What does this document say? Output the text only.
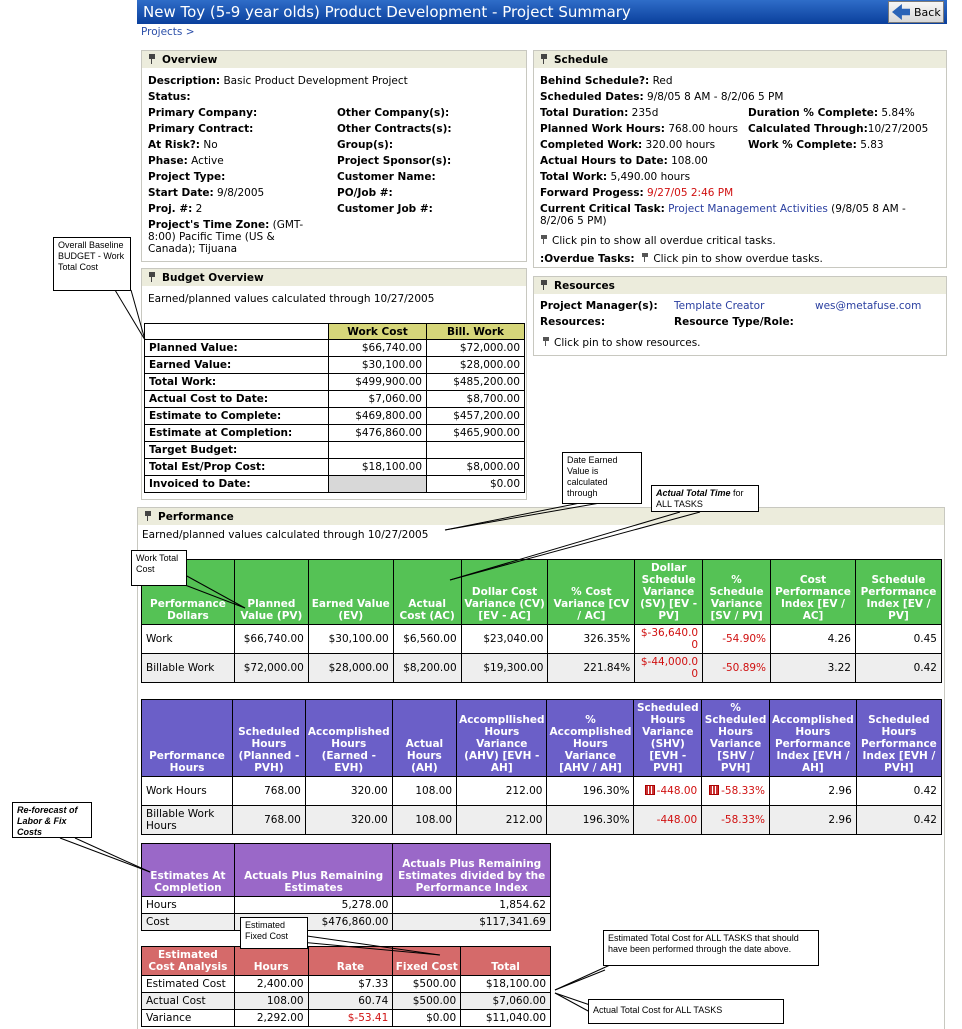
New Toy (5-9 year olds) Product Development - Project Summary	Back
Projects >
Overview
Description: Basic Product Development Project
Status:
Primary Company:	Other Company(s):
Primary Contract:	Other Contracts(s):
At Risk?: No	Group(s):
Phase: Active	Project Sponsor(s):
Project Type:	Customer Name:
Start Date: 9/8/2005	PO/Job #:
Proj. #: 2	Customer Job #:
Project's Time Zone: (GMT-
8:00) Pacific Time (US &
Canada); Tijuana
Schedule
Behind Schedule?: Red
Scheduled Dates: 9/8/05 8 AM - 8/2/06 5 PM
Total Duration: 235d	Duration % Complete: 5.84%
Planned Work Hours: 768.00 hours Calculated Through:10/27/2005
Completed Work: 320.00 hours	Work % Complete: 5.83
Actual Hours to Date: 108.00
Total Work: 5,490.00 hours
Forward Progess: 9/27/05 2:46 PM
Current Critical Task: Project Management Activities (9/8/05 8 AM -
8/2/06 5 PM)
Click pin to show all overdue critical tasks.
:Overdue Tasks: Click pin to show overdue tasks.
Resources
Project Manager(s): Template Creator	wes@metafuse.com
Resources:	Resource Type/Role:
Click pin to show resources.
Budget Overview
Earned/planned values calculated through 10/27/2005
	Work Cost	Bill. Work
Planned Value:	$66,740.00	$72,000.00
Earned Value:	$30,100.00	$28,000.00
Total Work:	$499,900.00	$485,200.00
Actual Cost to Date:	$7,060.00	$8,700.00
Estimate to Complete:	$469,800.00	$457,200.00
Estimate at Completion:	$476,860.00	$465,900.00
Target Budget:		
Total Est/Prop Cost:	$18,100.00	$8,000.00
Invoiced to Date:		$0.00
Performance
Earned/planned values calculated through 10/27/2005
Performance Dollars	Planned Value (PV)	Earned Value (EV)	Actual Cost (AC)	Dollar Cost Variance (CV) [EV - AC]	% Cost Variance [CV / AC]	Dollar Schedule Variance (SV) [EV - PV]	% Schedule Variance [SV / PV]	Cost Performance Index [EV / AC]	Schedule Performance Index [EV / PV]
Work	$66,740.00	$30,100.00	$6,560.00	$23,040.00	326.35%	$-36,640.00	-54.90%	4.26	0.45
Billable Work	$72,000.00	$28,000.00	$8,200.00	$19,300.00	221.84%	$-44,000.00	-50.89%	3.22	0.42
Performance Hours	Scheduled Hours (Planned - PVH)	Accomplished Hours (Earned - EVH)	Actual Hours (AH)	Accompllished Hours Variance (AHV) [EVH - AH]	% Accomplished Hours Variance [AHV / AH]	Scheduled Hours Variance (SHV) [EVH - PVH]	% Scheduled Hours Variance [SHV / PVH]	Accomplished Hours Performance Index [EVH / AH]	Scheduled Hours Performance Index [EVH / PVH]
Work Hours	768.00	320.00	108.00	212.00	196.30%	-448.00	-58.33%	2.96	0.42
Billable Work Hours	768.00	320.00	108.00	212.00	196.30%	-448.00	-58.33%	2.96	0.42
Estimates At Completion	Actuals Plus Remaining Estimates	Actuals Plus Remaining Estimates divided by the Performance Index
Hours	5,278.00	1,854.62
Cost	$476,860.00	$117,341.69
Estimated Cost Analysis	Hours	Rate	Fixed Cost	Total
Estimated Cost	2,400.00	$7.33	$500.00	$18,100.00
Actual Cost	108.00	60.74	$500.00	$7,060.00
Variance	2,292.00	$-53.41	$0.00	$11,040.00
Overall Baseline BUDGET - Work Total Cost
Date Earned Value is calculated through	Actual Total Time for ALL TASKS
Work Total Cost
Re-forecast of Labor & Fix Costs
Estimated Fixed Cost	Estimated Total Cost for ALL TASKS that should have been performed through the date above.
Actual Total Cost for ALL TASKS
